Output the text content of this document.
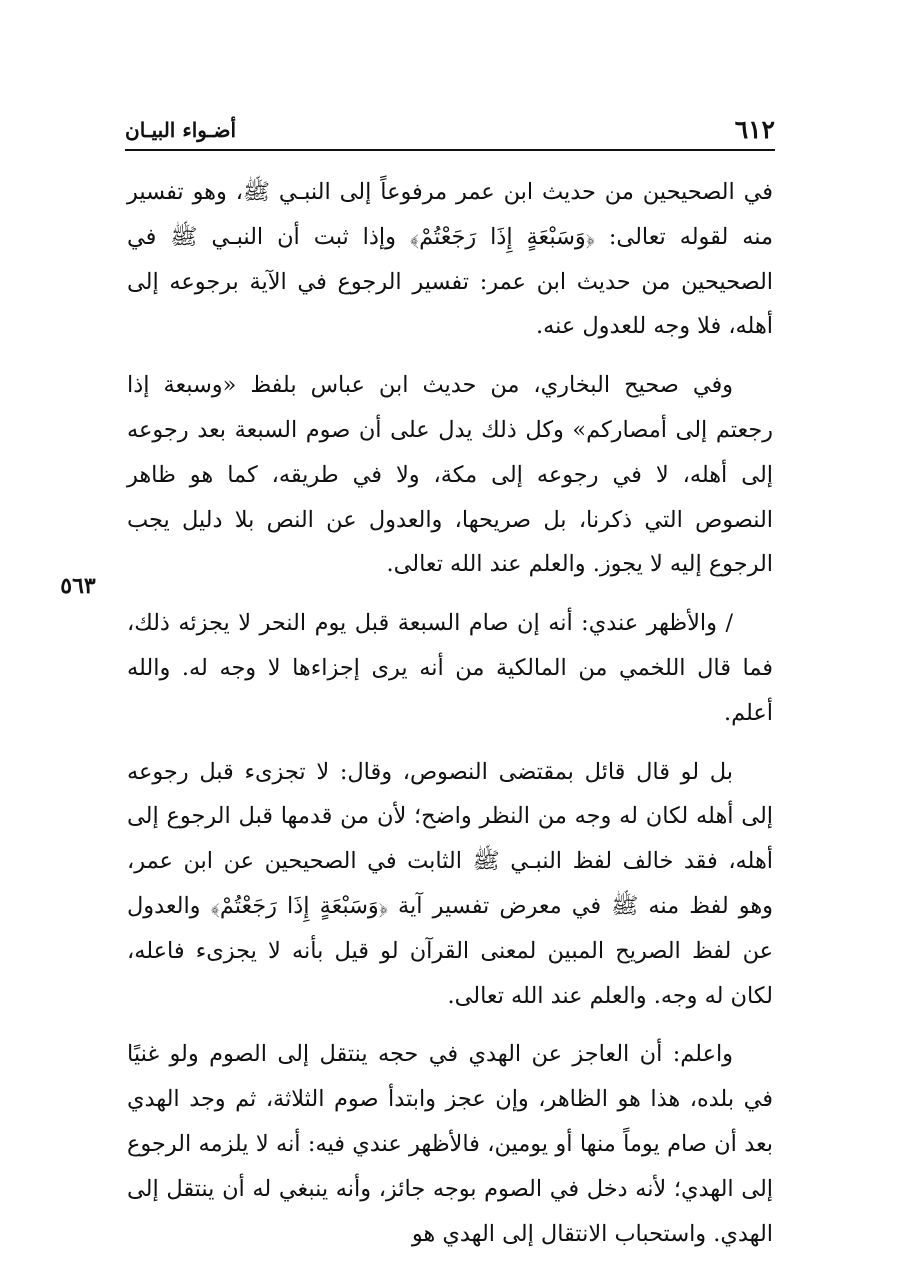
٦١٢
أضـواء البيـان
٥٦٣

في الصحيحين من حديث ابن عمر مرفوعاً إلى النبـي ﷺ، وهو تفسير منه لقوله تعالى: ﴿وَسَبْعَةٍ إِذَا رَجَعْتُمْ﴾ وإذا ثبت أن النبـي ﷺ في الصحيحين من حديث ابن عمر: تفسير الرجوع في الآية برجوعه إلى أهله، فلا وجه للعدول عنه.

وفي صحيح البخاري، من حديث ابن عباس بلفظ «وسبعة إذا رجعتم إلى أمصاركم» وكل ذلك يدل على أن صوم السبعة بعد رجوعه إلى أهله، لا في رجوعه إلى مكة، ولا في طريقه، كما هو ظاهر النصوص التي ذكرنا، بل صريحها، والعدول عن النص بلا دليل يجب الرجوع إليه لا يجوز. والعلم عند الله تعالى.

/ والأظهر عندي: أنه إن صام السبعة قبل يوم النحر لا يجزئه ذلك، فما قال اللخمي من المالكية من أنه يرى إجزاءها لا وجه له. والله أعلم.

بل لو قال قائل بمقتضى النصوص، وقال: لا تجزىء قبل رجوعه إلى أهله لكان له وجه من النظر واضح؛ لأن من قدمها قبل الرجوع إلى أهله، فقد خالف لفظ النبـي ﷺ الثابت في الصحيحين عن ابن عمر، وهو لفظ منه ﷺ في معرض تفسير آية ﴿وَسَبْعَةٍ إِذَا رَجَعْتُمْ﴾ والعدول عن لفظ الصريح المبين لمعنى القرآن لو قيل بأنه لا يجزىء فاعله، لكان له وجه. والعلم عند الله تعالى.

واعلم: أن العاجز عن الهدي في حجه ينتقل إلى الصوم ولو غنيًا في بلده، هذا هو الظاهر، وإن عجز وابتدأ صوم الثلاثة، ثم وجد الهدي بعد أن صام يوماً منها أو يومين، فالأظهر عندي فيه: أنه لا يلزمه الرجوع إلى الهدي؛ لأنه دخل في الصوم بوجه جائز، وأنه ينبغي له أن ينتقل إلى الهدي. واستحباب الانتقال إلى الهدي هو
